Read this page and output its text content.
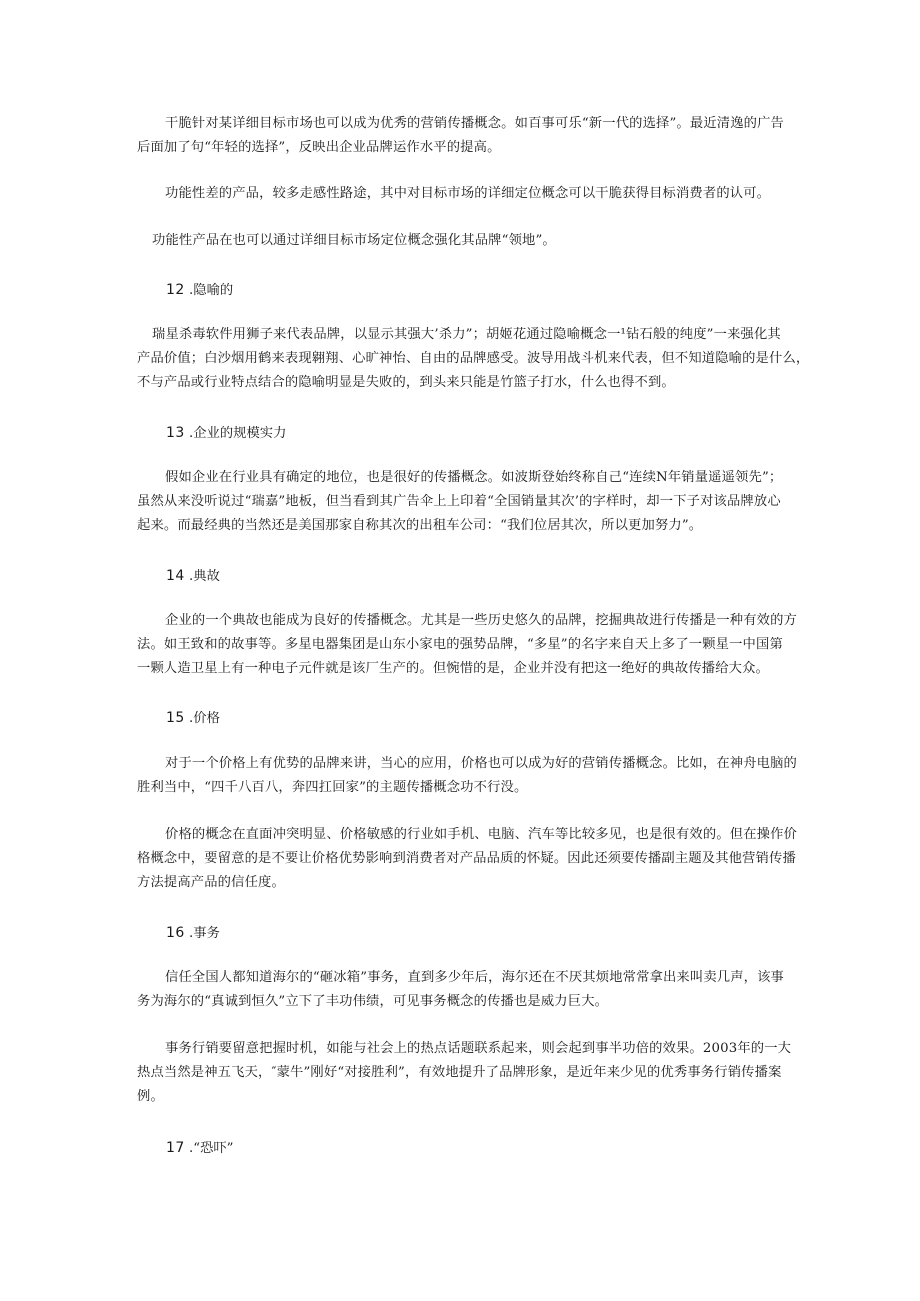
干脆针对某详细目标市场也可以成为优秀的营销传播概念。如百事可乐“新一代的选择”。最近清逸的广告
后面加了句“年轻的选择”，反映出企业品牌运作水平的提高。
功能性差的产品，较多走感性路途，其中对目标市场的详细定位概念可以干脆获得目标消费者的认可。
功能性产品在也可以通过详细目标市场定位概念强化其品牌“领地”。
12 .隐喻的
瑞星杀毒软件用狮子来代表品牌，以显示其强大’杀力”；胡姬花通过隐喻概念一¹钻石般的纯度”一来强化其
产品价值；白沙烟用鹤来表现翱翔、心旷神怡、自由的品牌感受。波导用战斗机来代表，但不知道隐喻的是什么，
不与产品或行业特点结合的隐喻明显是失败的，到头来只能是竹篮子打水，什么也得不到。
13 .企业的规模实力
假如企业在行业具有确定的地位，也是很好的传播概念。如波斯登始终称自己“连续N年销量遥遥领先”；
虽然从来没听说过“瑞嘉”地板，但当看到其广告伞上上印着“全国销量其次’的字样时，却一下子对该品牌放心
起来。而最经典的当然还是美国那家自称其次的出租车公司：“我们位居其次，所以更加努力”。
14 .典故
企业的一个典故也能成为良好的传播概念。尤其是一些历史悠久的品牌，挖掘典故进行传播是一种有效的方
法。如王致和的故事等。多星电器集团是山东小家电的强势品牌，“多星”的名字来自天上多了一颗星一中国第
一颗人造卫星上有一种电子元件就是该厂生产的。但惋惜的是，企业并没有把这一绝好的典故传播给大众。
15 .价格
对于一个价格上有优势的品牌来讲，当心的应用，价格也可以成为好的营销传播概念。比如，在神舟电脑的
胜利当中，“四千八百八，奔四扛回家”的主题传播概念功不行没。
价格的概念在直面冲突明显、价格敏感的行业如手机、电脑、汽车等比较多见，也是很有效的。但在操作价
格概念中，要留意的是不要让价格优势影响到消费者对产品品质的怀疑。因此还须要传播副主题及其他营销传播
方法提高产品的信任度。
16 .事务
信任全国人都知道海尔的“砸冰箱”事务，直到多少年后，海尔还在不厌其烦地常常拿出来叫卖几声，该事
务为海尔的“真诚到恒久”立下了丰功伟绩，可见事务概念的传播也是威力巨大。
事务行销要留意把握时机，如能与社会上的热点话题联系起来，则会起到事半功倍的效果。2003年的一大
热点当然是神五飞天，″蒙牛”刚好“对接胜利”，有效地提升了品牌形象，是近年来少见的优秀事务行销传播案
例。
17 .“恐吓”
